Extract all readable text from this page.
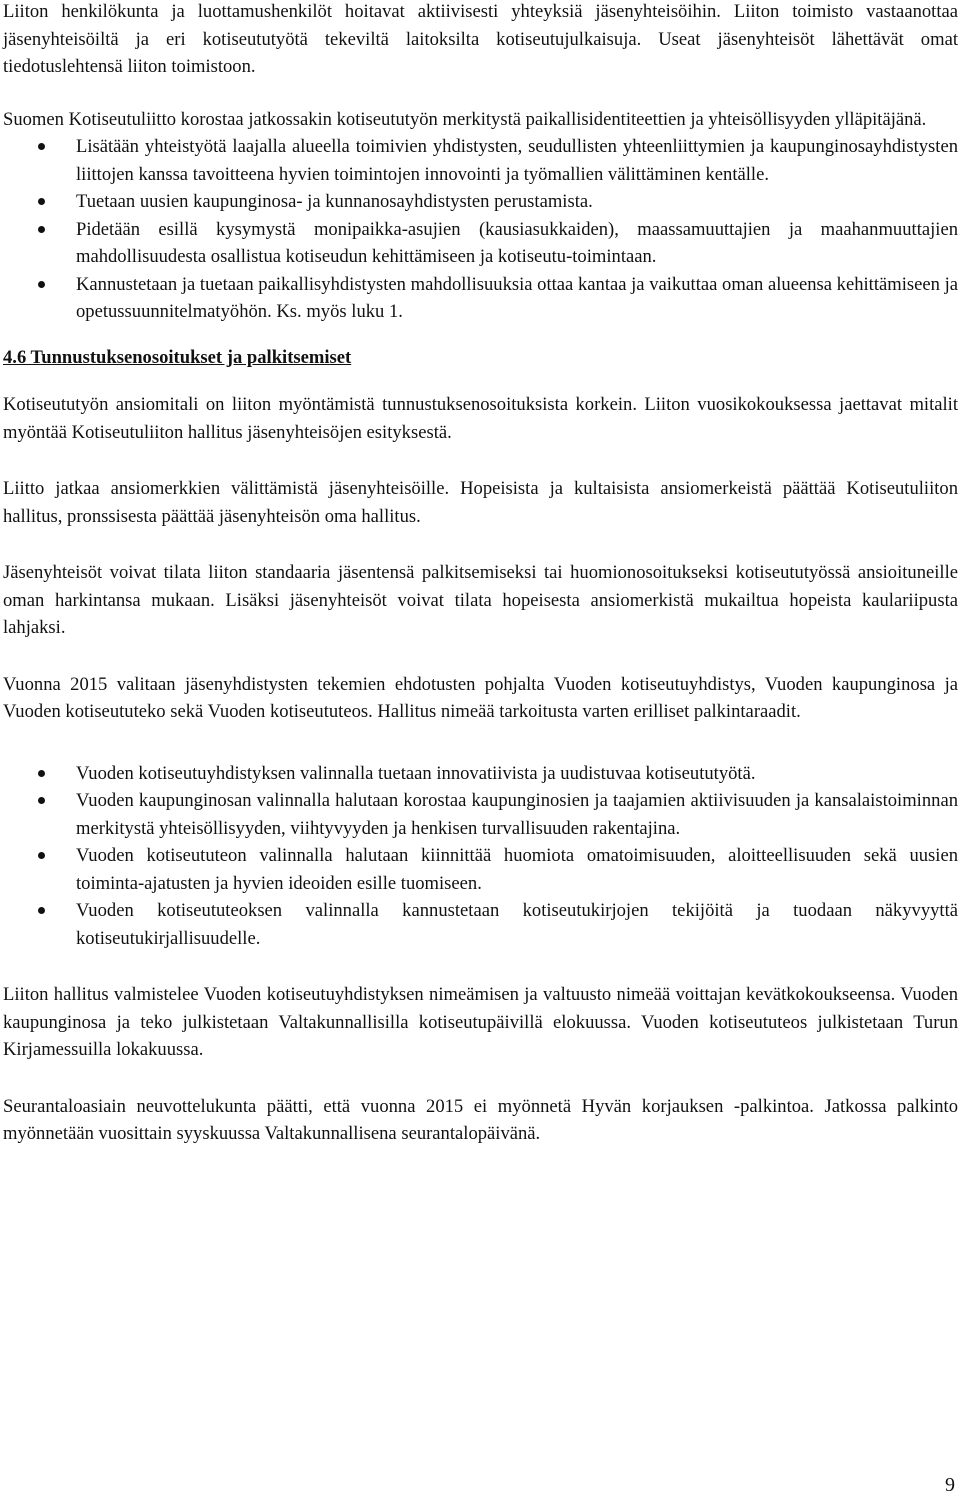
Liiton henkilökunta ja luottamushenkilöt hoitavat aktiivisesti yhteyksiä jäsenyhteisöihin. Liiton toimisto vastaanottaa jäsenyhteisöiltä ja eri kotiseututyötä tekeviltä laitoksilta kotiseutujulkaisuja. Useat jäsenyhteisöt lähettävät omat tiedotuslehtensä liiton toimistoon.

Suomen Kotiseutuliitto korostaa jatkossakin kotiseututyön merkitystä paikallisidentiteettien ja yhteisöllisyyden ylläpitäjänä.

Lisätään yhteistyötä laajalla alueella toimivien yhdistysten, seudullisten yhteenliittymien ja kaupunginosayhdistysten liittojen kanssa tavoitteena hyvien toimintojen innovointi ja työmallien välittäminen kentälle.
Tuetaan uusien kaupunginosa- ja kunnanosayhdistysten perustamista.
Pidetään esillä kysymystä monipaikka-asujien (kausiasukkaiden), maassamuuttajien ja maahanmuuttajien mahdollisuudesta osallistua kotiseudun kehittämiseen ja kotiseutu-toimintaan.
Kannustetaan ja tuetaan paikallisyhdistysten mahdollisuuksia ottaa kantaa ja vaikuttaa oman alueensa kehittämiseen ja opetussuunnitelmatyöhön. Ks. myös luku 1.
4.6 Tunnustuksenosoitukset ja palkitsemiset

Kotiseututyön ansiomitali on liiton myöntämistä tunnustuksenosoituksista korkein. Liiton vuosikokouksessa jaettavat mitalit myöntää Kotiseutuliiton hallitus jäsenyhteisöjen esityksestä.

Liitto jatkaa ansiomerkkien välittämistä jäsenyhteisöille. Hopeisista ja kultaisista ansiomerkeistä päättää Kotiseutuliiton hallitus, pronssisesta päättää jäsenyhteisön oma hallitus.

Jäsenyhteisöt voivat tilata liiton standaaria jäsentensä palkitsemiseksi tai huomionosoitukseksi kotiseututyössä ansioituneille oman harkintansa mukaan. Lisäksi jäsenyhteisöt voivat tilata hopeisesta ansiomerkistä mukailtua hopeista kaulariipusta lahjaksi.

Vuonna 2015 valitaan jäsenyhdistysten tekemien ehdotusten pohjalta Vuoden kotiseutuyhdistys, Vuoden kaupunginosa ja Vuoden kotiseututeko sekä Vuoden kotiseututeos. Hallitus nimeää tarkoitusta varten erilliset palkintaraadit.

Vuoden kotiseutuyhdistyksen valinnalla tuetaan innovatiivista ja uudistuvaa kotiseututyötä.
Vuoden kaupunginosan valinnalla halutaan korostaa kaupunginosien ja taajamien aktiivisuuden ja kansalaistoiminnan merkitystä yhteisöllisyyden, viihtyvyyden ja henkisen turvallisuuden rakentajina.
Vuoden kotiseututeon valinnalla halutaan kiinnittää huomiota omatoimisuuden, aloitteellisuuden sekä uusien toiminta-ajatusten ja hyvien ideoiden esille tuomiseen.
Vuoden kotiseututeoksen valinnalla kannustetaan kotiseutukirjojen tekijöitä ja tuodaan näkyvyyttä kotiseutukirjallisuudelle.

Liiton hallitus valmistelee Vuoden kotiseutuyhdistyksen nimeämisen ja valtuusto nimeää voittajan kevätkokoukseensa. Vuoden kaupunginosa ja teko julkistetaan Valtakunnallisilla kotiseutupäivillä elokuussa. Vuoden kotiseututeos julkistetaan Turun Kirjamessuilla lokakuussa.

Seurantaloasiain neuvottelukunta päätti, että vuonna 2015 ei myönnetä Hyvän korjauksen -palkintoa. Jatkossa palkinto myönnetään vuosittain syyskuussa Valtakunnallisena seurantalopäivänä.

9
